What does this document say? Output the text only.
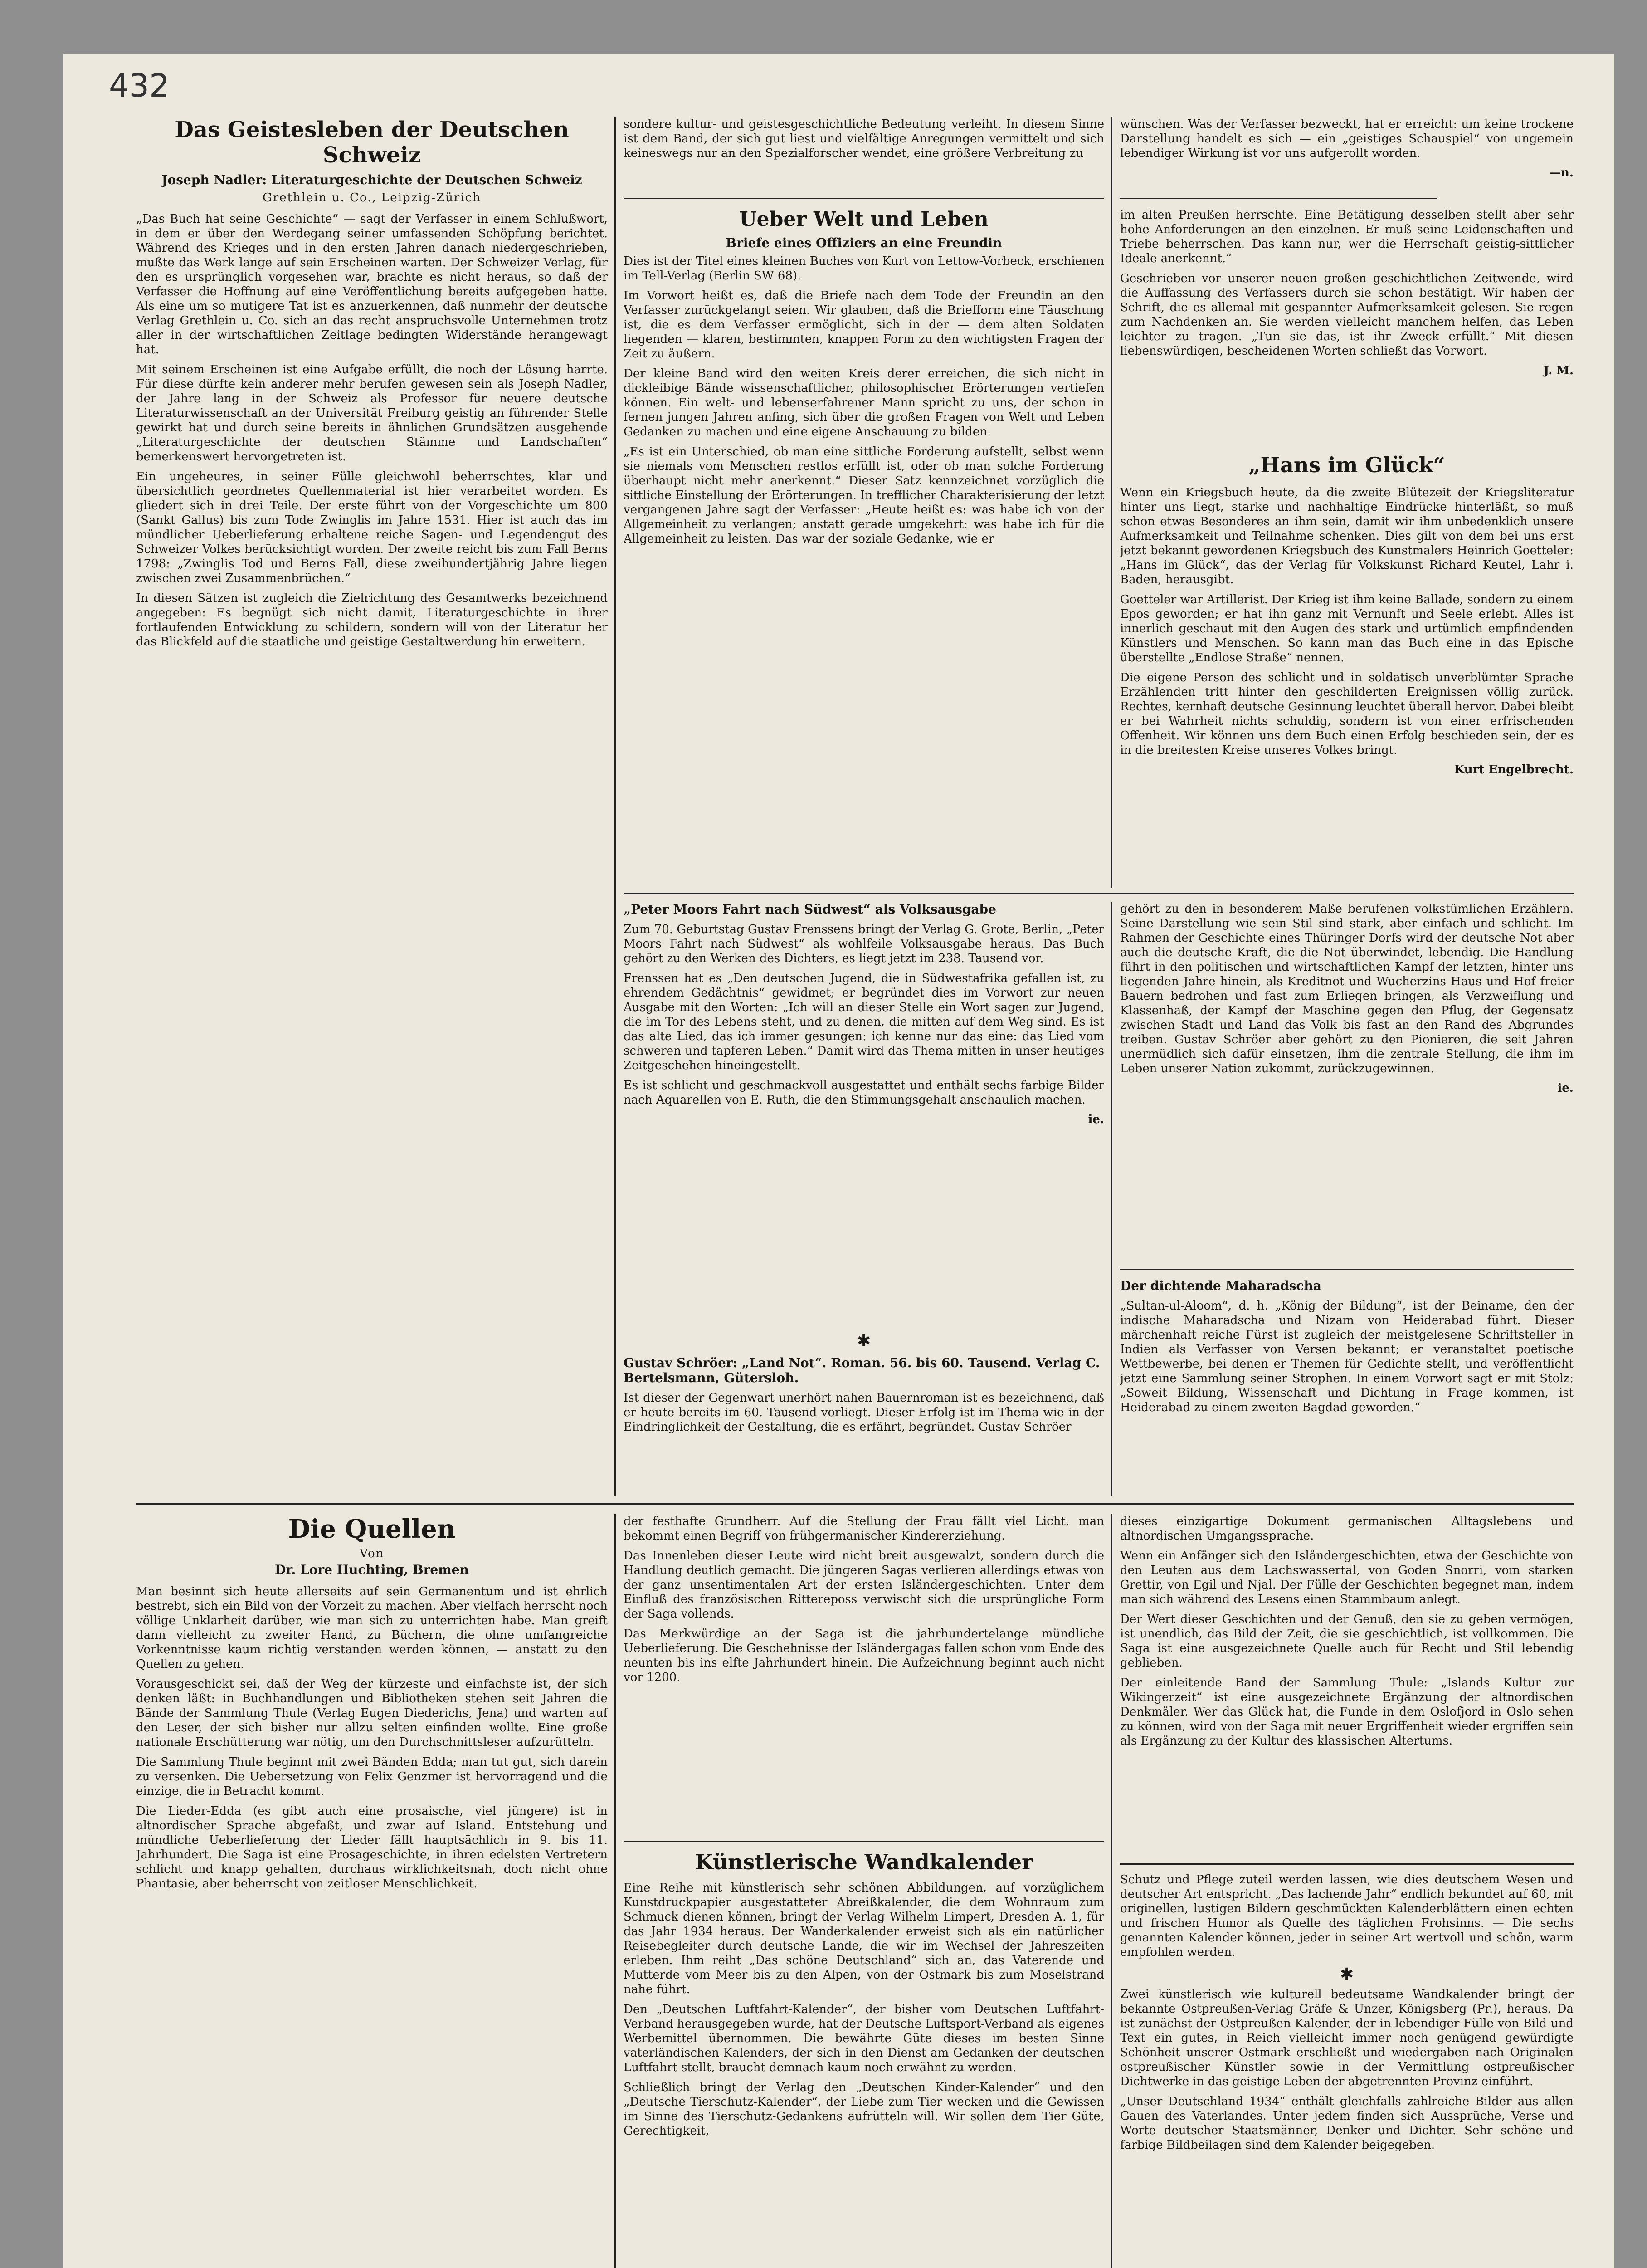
432
Das Geistesleben der Deutschen Schweiz
Joseph Nadler: Literaturgeschichte der Deutschen Schweiz
Grethlein u. Co., Leipzig-Zürich

„Das Buch hat seine Geschichte“ — sagt der Verfasser in einem Schlußwort, in dem er über den Werdegang seiner umfassenden Schöpfung berichtet. Während des Krieges und in den ersten Jahren danach niedergeschrieben, mußte das Werk lange auf sein Erscheinen warten. Der Schweizer Verlag, für den es ursprünglich vorgesehen war, brachte es nicht heraus, so daß der Verfasser die Hoffnung auf eine Veröffentlichung bereits aufgegeben hatte. Als eine um so mutigere Tat ist es anzuerkennen, daß nunmehr der deutsche Verlag Grethlein u. Co. sich an das recht anspruchsvolle Unternehmen trotz aller in der wirtschaftlichen Zeitlage bedingten Widerstände herangewagt hat.

Mit seinem Erscheinen ist eine Aufgabe erfüllt, die noch der Lösung harrte. Für diese dürfte kein anderer mehr berufen gewesen sein als Joseph Nadler, der Jahre lang in der Schweiz als Professor für neuere deutsche Literaturwissenschaft an der Universität Freiburg geistig an führender Stelle gewirkt hat und durch seine bereits in ähnlichen Grundsätzen ausgehende „Literaturgeschichte der deutschen Stämme und Landschaften“ bemerkenswert hervorgetreten ist.

Ein ungeheures, in seiner Fülle gleichwohl beherrschtes, klar und übersichtlich geordnetes Quellenmaterial ist hier verarbeitet worden. Es gliedert sich in drei Teile. Der erste führt von der Vorgeschichte um 800 (Sankt Gallus) bis zum Tode Zwinglis im Jahre 1531. Hier ist auch das im mündlicher Ueberlieferung erhaltene reiche Sagen- und Legendengut des Schweizer Volkes berücksichtigt worden. Der zweite reicht bis zum Fall Berns 1798: „Zwinglis Tod und Berns Fall, diese zweihundertjährig Jahre liegen zwischen zwei Zusammenbrüchen.“

In diesen Sätzen ist zugleich die Zielrichtung des Gesamtwerks bezeichnend angegeben: Es begnügt sich nicht damit, Literaturgeschichte in ihrer fortlaufenden Entwicklung zu schildern, sondern will von der Literatur her das Blickfeld auf die staatliche und geistige Gestaltwerdung hin erweitern.

sondere kultur- und geistesgeschichtliche Bedeutung verleiht. In diesem Sinne ist dem Band, der sich gut liest und vielfältige Anregungen vermittelt und sich keineswegs nur an den Spezialforscher wendet, eine größere Verbreitung zu

wünschen. Was der Verfasser bezweckt, hat er erreicht: um keine trockene Darstellung handelt es sich — ein „geistiges Schauspiel“ von ungemein lebendiger Wirkung ist vor uns aufgerollt worden.

—n.
Ueber Welt und Leben
Briefe eines Offiziers an eine Freundin

Dies ist der Titel eines kleinen Buches von Kurt von Lettow-Vorbeck, erschienen im Tell-Verlag (Berlin SW 68).

Im Vorwort heißt es, daß die Briefe nach dem Tode der Freundin an den Verfasser zurückgelangt seien. Wir glauben, daß die Briefform eine Täuschung ist, die es dem Verfasser ermöglicht, sich in der — dem alten Soldaten liegenden — klaren, bestimmten, knappen Form zu den wichtigsten Fragen der Zeit zu äußern.

Der kleine Band wird den weiten Kreis derer erreichen, die sich nicht in dickleibige Bände wissenschaftlicher, philosophischer Erörterungen vertiefen können. Ein welt- und lebenserfahrener Mann spricht zu uns, der schon in fernen jungen Jahren anfing, sich über die großen Fragen von Welt und Leben Gedanken zu machen und eine eigene Anschauung zu bilden.

„Es ist ein Unterschied, ob man eine sittliche Forderung aufstellt, selbst wenn sie niemals vom Menschen restlos erfüllt ist, oder ob man solche Forderung überhaupt nicht mehr anerkennt.“ Dieser Satz kennzeichnet vorzüglich die sittliche Einstellung der Erörterungen. In trefflicher Charakterisierung der letzt vergangenen Jahre sagt der Verfasser: „Heute heißt es: was habe ich von der Allgemeinheit zu verlangen; anstatt gerade umgekehrt: was habe ich für die Allgemeinheit zu leisten. Das war der soziale Gedanke, wie er

im alten Preußen herrschte. Eine Betätigung desselben stellt aber sehr hohe Anforderungen an den einzelnen. Er muß seine Leidenschaften und Triebe beherrschen. Das kann nur, wer die Herrschaft geistig-sittlicher Ideale anerkennt.“

Geschrieben vor unserer neuen großen geschichtlichen Zeitwende, wird die Auffassung des Verfassers durch sie schon bestätigt. Wir haben der Schrift, die es allemal mit gespannter Aufmerksamkeit gelesen. Sie regen zum Nachdenken an. Sie werden vielleicht manchem helfen, das Leben leichter zu tragen. „Tun sie das, ist ihr Zweck erfüllt.“ Mit diesen liebenswürdigen, bescheidenen Worten schließt das Vorwort.

J. M.
„Hans im Glück“

Wenn ein Kriegsbuch heute, da die zweite Blütezeit der Kriegsliteratur hinter uns liegt, starke und nachhaltige Eindrücke hinterläßt, so muß schon etwas Besonderes an ihm sein, damit wir ihm unbedenklich unsere Aufmerksamkeit und Teilnahme schenken. Dies gilt von dem bei uns erst jetzt bekannt gewordenen Kriegsbuch des Kunstmalers Heinrich Goetteler: „Hans im Glück“, das der Verlag für Volkskunst Richard Keutel, Lahr i. Baden, herausgibt.

Goetteler war Artillerist. Der Krieg ist ihm keine Ballade, sondern zu einem Epos geworden; er hat ihn ganz mit Vernunft und Seele erlebt. Alles ist innerlich geschaut mit den Augen des stark und urtümlich empfindenden Künstlers und Menschen. So kann man das Buch eine in das Epische überstellte „Endlose Straße“ nennen.

Die eigene Person des schlicht und in soldatisch unverblümter Sprache Erzählenden tritt hinter den geschilderten Ereignissen völlig zurück. Rechtes, kernhaft deutsche Gesinnung leuchtet überall hervor. Dabei bleibt er bei Wahrheit nichts schuldig, sondern ist von einer erfrischenden Offenheit. Wir können uns dem Buch einen Erfolg beschieden sein, der es in die breitesten Kreise unseres Volkes bringt.

Kurt Engelbrecht.
„Peter Moors Fahrt nach Südwest“ als Volksausgabe

Zum 70. Geburtstag Gustav Frenssens bringt der Verlag G. Grote, Berlin, „Peter Moors Fahrt nach Südwest“ als wohlfeile Volksausgabe heraus. Das Buch gehört zu den Werken des Dichters, es liegt jetzt im 238. Tausend vor.

Frenssen hat es „Den deutschen Jugend, die in Südwestafrika gefallen ist, zu ehrendem Gedächtnis“ gewidmet; er begründet dies im Vorwort zur neuen Ausgabe mit den Worten: „Ich will an dieser Stelle ein Wort sagen zur Jugend, die im Tor des Lebens steht, und zu denen, die mitten auf dem Weg sind. Es ist das alte Lied, das ich immer gesungen: ich kenne nur das eine: das Lied vom schweren und tapferen Leben.“ Damit wird das Thema mitten in unser heutiges Zeitgeschehen hineingestellt.

Es ist schlicht und geschmackvoll ausgestattet und enthält sechs farbige Bilder nach Aquarellen von E. Ruth, die den Stimmungsgehalt anschaulich machen.

ie.
✱
Gustav Schröer: „Land Not“. Roman. 56. bis 60. Tausend. Verlag C. Bertelsmann, Gütersloh.

Ist dieser der Gegenwart unerhört nahen Bauernroman ist es bezeichnend, daß er heute bereits im 60. Tausend vorliegt. Dieser Erfolg ist im Thema wie in der Eindringlichkeit der Gestaltung, die es erfährt, begründet. Gustav Schröer

gehört zu den in besonderem Maße berufenen volkstümlichen Erzählern. Seine Darstellung wie sein Stil sind stark, aber einfach und schlicht. Im Rahmen der Geschichte eines Thüringer Dorfs wird der deutsche Not aber auch die deutsche Kraft, die die Not überwindet, lebendig. Die Handlung führt in den politischen und wirtschaftlichen Kampf der letzten, hinter uns liegenden Jahre hinein, als Kreditnot und Wucherzins Haus und Hof freier Bauern bedrohen und fast zum Erliegen bringen, als Verzweiflung und Klassenhaß, der Kampf der Maschine gegen den Pflug, der Gegensatz zwischen Stadt und Land das Volk bis fast an den Rand des Abgrundes treiben. Gustav Schröer aber gehört zu den Pionieren, die seit Jahren unermüdlich sich dafür einsetzen, ihm die zentrale Stellung, die ihm im Leben unserer Nation zukommt, zurückzugewinnen.

ie.
Der dichtende Maharadscha

„Sultan-ul-Aloom“, d. h. „König der Bildung“, ist der Beiname, den der indische Maharadscha und Nizam von Heiderabad führt. Dieser märchenhaft reiche Fürst ist zugleich der meistgelesene Schriftsteller in Indien als Verfasser von Versen bekannt; er veranstaltet poetische Wettbewerbe, bei denen er Themen für Gedichte stellt, und veröffentlicht jetzt eine Sammlung seiner Strophen. In einem Vorwort sagt er mit Stolz: „Soweit Bildung, Wissenschaft und Dichtung in Frage kommen, ist Heiderabad zu einem zweiten Bagdad geworden.“

Die Quellen
Von
Dr. Lore Huchting, Bremen

Man besinnt sich heute allerseits auf sein Germanentum und ist ehrlich bestrebt, sich ein Bild von der Vorzeit zu machen. Aber vielfach herrscht noch völlige Unklarheit darüber, wie man sich zu unterrichten habe. Man greift dann vielleicht zu zweiter Hand, zu Büchern, die ohne umfangreiche Vorkenntnisse kaum richtig verstanden werden können, — anstatt zu den Quellen zu gehen.

Vorausgeschickt sei, daß der Weg der kürzeste und einfachste ist, der sich denken läßt: in Buchhandlungen und Bibliotheken stehen seit Jahren die Bände der Sammlung Thule (Verlag Eugen Diederichs, Jena) und warten auf den Leser, der sich bisher nur allzu selten einfinden wollte. Eine große nationale Erschütterung war nötig, um den Durchschnittsleser aufzurütteln.

Die Sammlung Thule beginnt mit zwei Bänden Edda; man tut gut, sich darein zu versenken. Die Uebersetzung von Felix Genzmer ist hervorragend und die einzige, die in Betracht kommt.

Die Lieder-Edda (es gibt auch eine prosaische, viel jüngere) ist in altnordischer Sprache abgefaßt, und zwar auf Island. Entstehung und mündliche Ueberlieferung der Lieder fällt hauptsächlich in 9. bis 11. Jahrhundert. Die Saga ist eine Prosageschichte, in ihren edelsten Vertretern schlicht und knapp gehalten, durchaus wirklichkeitsnah, doch nicht ohne Phantasie, aber beherrscht von zeitloser Menschlichkeit.

der festhafte Grundherr. Auf die Stellung der Frau fällt viel Licht, man bekommt einen Begriff von frühgermanischer Kindererziehung.

Das Innenleben dieser Leute wird nicht breit ausgewalzt, sondern durch die Handlung deutlich gemacht. Die jüngeren Sagas verlieren allerdings etwas von der ganz unsentimentalen Art der ersten Isländergeschichten. Unter dem Einfluß des französischen Rittereposs verwischt sich die ursprüngliche Form der Saga vollends.

Das Merkwürdige an der Saga ist die jahrhundertelange mündliche Ueberlieferung. Die Geschehnisse der Isländergagas fallen schon vom Ende des neunten bis ins elfte Jahrhundert hinein. Die Aufzeichnung beginnt auch nicht vor 1200.

Künstlerische Wandkalender

Eine Reihe mit künstlerisch sehr schönen Abbildungen, auf vorzüglichem Kunstdruckpapier ausgestatteter Abreißkalender, die dem Wohnraum zum Schmuck dienen können, bringt der Verlag Wilhelm Limpert, Dresden A. 1, für das Jahr 1934 heraus. Der Wanderkalender erweist sich als ein natürlicher Reisebegleiter durch deutsche Lande, die wir im Wechsel der Jahreszeiten erleben. Ihm reiht „Das schöne Deutschland“ sich an, das Vaterende und Mutterde vom Meer bis zu den Alpen, von der Ostmark bis zum Moselstrand nahe führt.

Den „Deutschen Luftfahrt-Kalender“, der bisher vom Deutschen Luftfahrt-Verband herausgegeben wurde, hat der Deutsche Luftsport-Verband als eigenes Werbemittel übernommen. Die bewährte Güte dieses im besten Sinne vaterländischen Kalenders, der sich in den Dienst am Gedanken der deutschen Luftfahrt stellt, braucht demnach kaum noch erwähnt zu werden.

Schließlich bringt der Verlag den „Deutschen Kinder-Kalender“ und den „Deutsche Tierschutz-Kalender“, der Liebe zum Tier wecken und die Gewissen im Sinne des Tierschutz-Gedankens aufrütteln will. Wir sollen dem Tier Güte, Gerechtigkeit,

dieses einzigartige Dokument germanischen Alltagslebens und altnordischen Umgangssprache.

Wenn ein Anfänger sich den Isländergeschichten, etwa der Geschichte von den Leuten aus dem Lachswassertal, von Goden Snorri, vom starken Grettir, von Egil und Njal. Der Fülle der Geschichten begegnet man, indem man sich während des Lesens einen Stammbaum anlegt.

Der Wert dieser Geschichten und der Genuß, den sie zu geben vermögen, ist unendlich, das Bild der Zeit, die sie geschichtlich, ist vollkommen. Die Saga ist eine ausgezeichnete Quelle auch für Recht und Stil lebendig geblieben.

Der einleitende Band der Sammlung Thule: „Islands Kultur zur Wikingerzeit“ ist eine ausgezeichnete Ergänzung der altnordischen Denkmäler. Wer das Glück hat, die Funde in dem Oslofjord in Oslo sehen zu können, wird von der Saga mit neuer Ergriffenheit wieder ergriffen sein als Ergänzung zu der Kultur des klassischen Altertums.

Schutz und Pflege zuteil werden lassen, wie dies deutschem Wesen und deutscher Art entspricht. „Das lachende Jahr“ endlich bekundet auf 60, mit originellen, lustigen Bildern geschmückten Kalenderblättern einen echten und frischen Humor als Quelle des täglichen Frohsinns. — Die sechs genannten Kalender können, jeder in seiner Art wertvoll und schön, warm empfohlen werden.

✱

Zwei künstlerisch wie kulturell bedeutsame Wandkalender bringt der bekannte Ostpreußen-Verlag Gräfe & Unzer, Königsberg (Pr.), heraus. Da ist zunächst der Ostpreußen-Kalender, der in lebendiger Fülle von Bild und Text ein gutes, in Reich vielleicht immer noch genügend gewürdigte Schönheit unserer Ostmark erschließt und wiedergaben nach Originalen ostpreußischer Künstler sowie in der Vermittlung ostpreußischer Dichtwerke in das geistige Leben der abgetrennten Provinz einführt.

„Unser Deutschland 1934“ enthält gleichfalls zahlreiche Bilder aus allen Gauen des Vaterlandes. Unter jedem finden sich Aussprüche, Verse und Worte deutscher Staatsmänner, Denker und Dichter. Sehr schöne und farbige Bildbeilagen sind dem Kalender beigegeben.
